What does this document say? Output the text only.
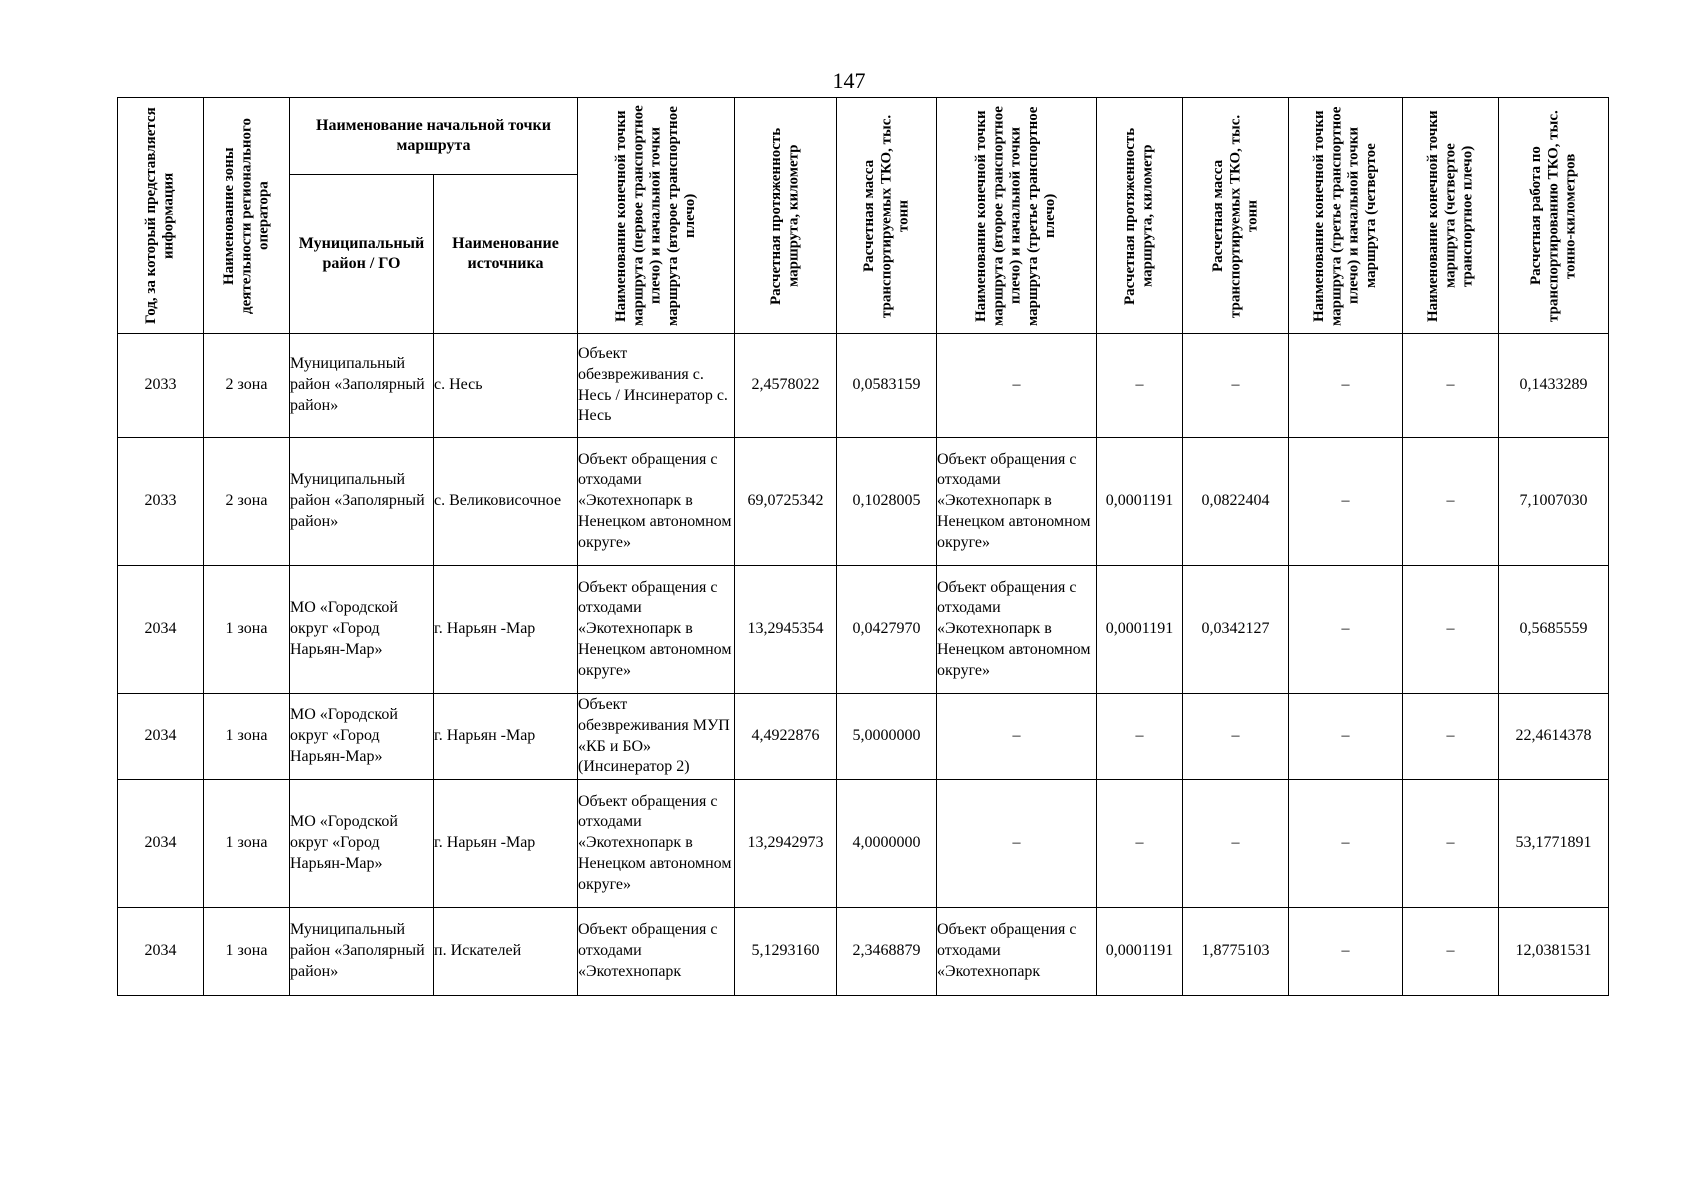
147
Год, за который представляется информация	Наименование зоны деятельности регионального оператора	Наименование начальной точки маршрута		Наименование конечной точки маршрута (первое транспортное плечо) и начальной точки маршрута (второе транспортное плечо)	Расчетная протяженность маршрута, километр	Расчетная масса транспортируемых ТКО, тыс. тонн	Наименование конечной точки маршрута (второе транспортное плечо) и начальной точки маршрута (третье транспортное плечо)	Расчетная протяженность маршрута, километр	Расчетная масса транспортируемых ТКО, тыс. тонн	Наименование конечной точки маршрута (третье транспортное плечо) и начальной точки маршрута (четвертое	Наименование конечной точки маршрута (четвертое транспортное плечо)	Расчетная работа по транспортированию ТКО, тыс. тонно-километров

		Муниципальный район / ГО	Наименование источника									
2033	2 зона	Муниципальный район «Заполярный район»	с. Несь	Объект обезвреживания с. Несь / Инсинератор с. Несь	2,4578022	0,0583159	–	–	–	–	–	0,1433289
2033	2 зона	Муниципальный район «Заполярный район»	с. Великовисочное	Объект обращения с отходами «Экотехнопарк в Ненецком автономном округе»	69,0725342	0,1028005	Объект обращения с отходами «Экотехнопарк в Ненецком автономном округе»	0,0001191	0,0822404	–	–	7,1007030
2034	1 зона	МО «Городской округ «Город Нарьян-Мар»	г. Нарьян -Мар	Объект обращения с отходами «Экотехнопарк в Ненецком автономном округе»	13,2945354	0,0427970	Объект обращения с отходами «Экотехнопарк в Ненецком автономном округе»	0,0001191	0,0342127	–	–	0,5685559
2034	1 зона	МО «Городской округ «Город Нарьян-Мар»	г. Нарьян -Мар	Объект обезвреживания МУП «КБ и БО» (Инсинератор 2)	4,4922876	5,0000000	–	–	–	–	–	22,4614378
2034	1 зона	МО «Городской округ «Город Нарьян-Мар»	г. Нарьян -Мар	Объект обращения с отходами «Экотехнопарк в Ненецком автономном округе»	13,2942973	4,0000000	–	–	–	–	–	53,1771891
2034	1 зона	Муниципальный район «Заполярный район»	п. Искателей	Объект обращения с отходами «Экотехнопарк	5,1293160	2,3468879	Объект обращения с отходами «Экотехнопарк	0,0001191	1,8775103	–	–	12,0381531
